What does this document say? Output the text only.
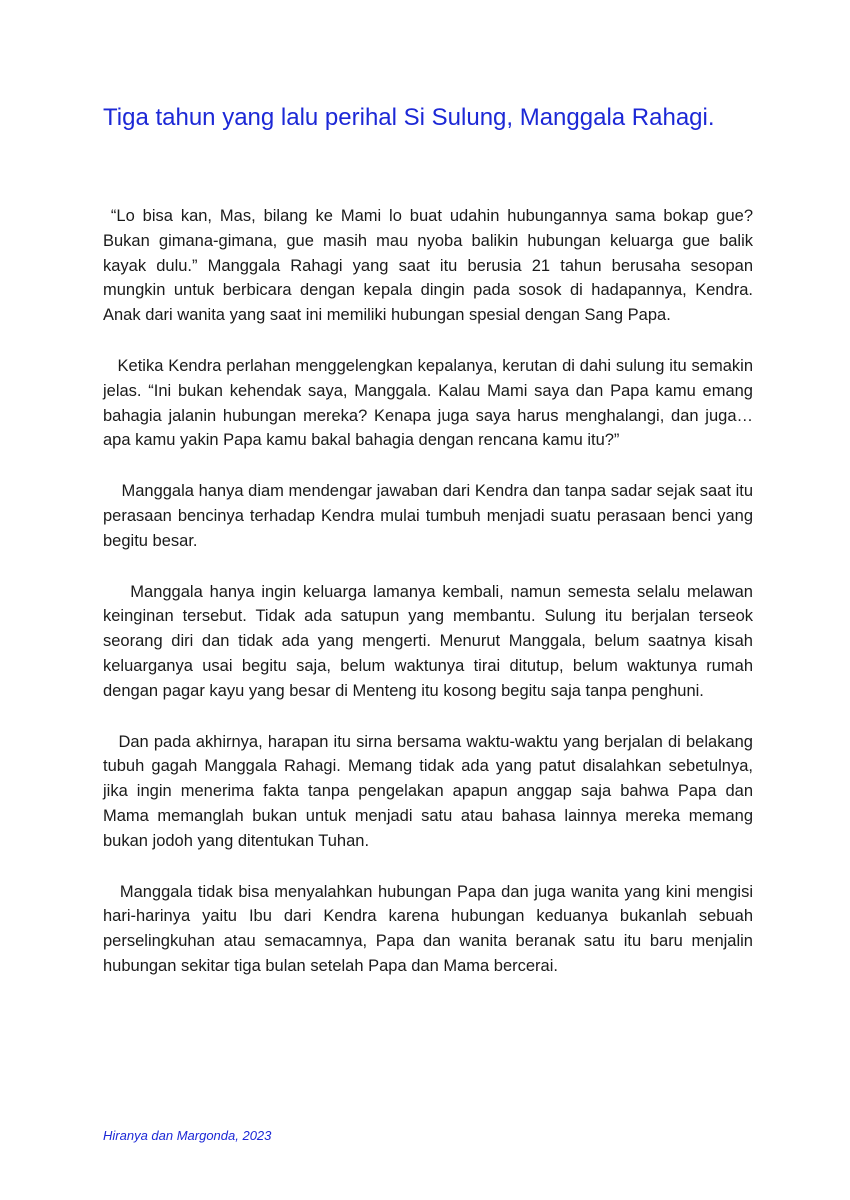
Tiga tahun yang lalu perihal Si Sulung, Manggala Rahagi.

“Lo bisa kan, Mas, bilang ke Mami lo buat udahin hubungannya sama bokap gue? Bukan gimana-gimana, gue masih mau nyoba balikin hubungan keluarga gue balik kayak dulu.” Manggala Rahagi yang saat itu berusia 21 tahun berusaha sesopan mungkin untuk berbicara dengan kepala dingin pada sosok di hadapannya, Kendra. Anak dari wanita yang saat ini memiliki hubungan spesial dengan Sang Papa.

Ketika Kendra perlahan menggelengkan kepalanya, kerutan di dahi sulung itu semakin jelas. “Ini bukan kehendak saya, Manggala. Kalau Mami saya dan Papa kamu emang bahagia jalanin hubungan mereka? Kenapa juga saya harus menghalangi, dan juga… apa kamu yakin Papa kamu bakal bahagia dengan rencana kamu itu?”

Manggala hanya diam mendengar jawaban dari Kendra dan tanpa sadar sejak saat itu perasaan bencinya terhadap Kendra mulai tumbuh menjadi suatu perasaan benci yang begitu besar.

Manggala hanya ingin keluarga lamanya kembali, namun semesta selalu melawan keinginan tersebut. Tidak ada satupun yang membantu. Sulung itu berjalan terseok seorang diri dan tidak ada yang mengerti. Menurut Manggala, belum saatnya kisah keluarganya usai begitu saja, belum waktunya tirai ditutup, belum waktunya rumah dengan pagar kayu yang besar di Menteng itu kosong begitu saja tanpa penghuni.

Dan pada akhirnya, harapan itu sirna bersama waktu-waktu yang berjalan di belakang tubuh gagah Manggala Rahagi. Memang tidak ada yang patut disalahkan sebetulnya, jika ingin menerima fakta tanpa pengelakan apapun anggap saja bahwa Papa dan Mama memanglah bukan untuk menjadi satu atau bahasa lainnya mereka memang bukan jodoh yang ditentukan Tuhan.

Manggala tidak bisa menyalahkan hubungan Papa dan juga wanita yang kini mengisi hari-harinya yaitu Ibu dari Kendra karena hubungan keduanya bukanlah sebuah perselingkuhan atau semacamnya, Papa dan wanita beranak satu itu baru menjalin hubungan sekitar tiga bulan setelah Papa dan Mama bercerai.

Hiranya dan Margonda, 2023
